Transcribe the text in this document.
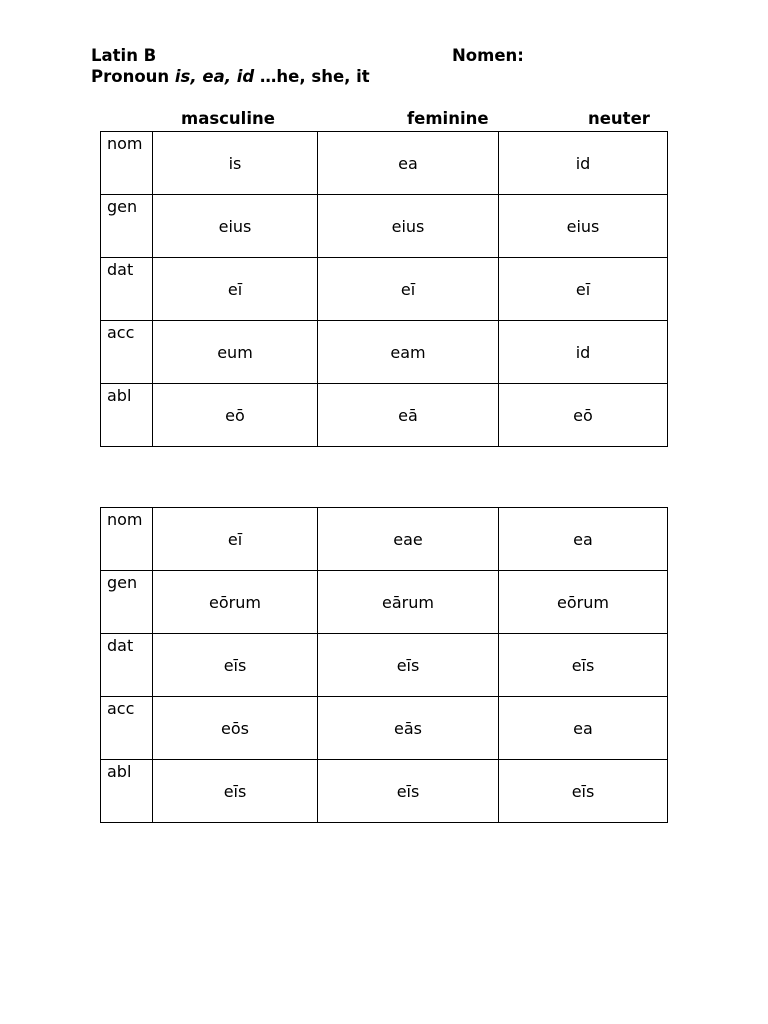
Latin B	Nomen:
Pronoun is, ea, id …he, she, it
masculine	feminine	neuter
nom	is	ea	id
gen	eius	eius	eius
dat	eī	eī	eī
acc	eum	eam	id
abl	eō	eā	eō
nom	eī	eae	ea
gen	eōrum	eārum	eōrum
dat	eīs	eīs	eīs
acc	eōs	eās	ea
abl	eīs	eīs	eīs
